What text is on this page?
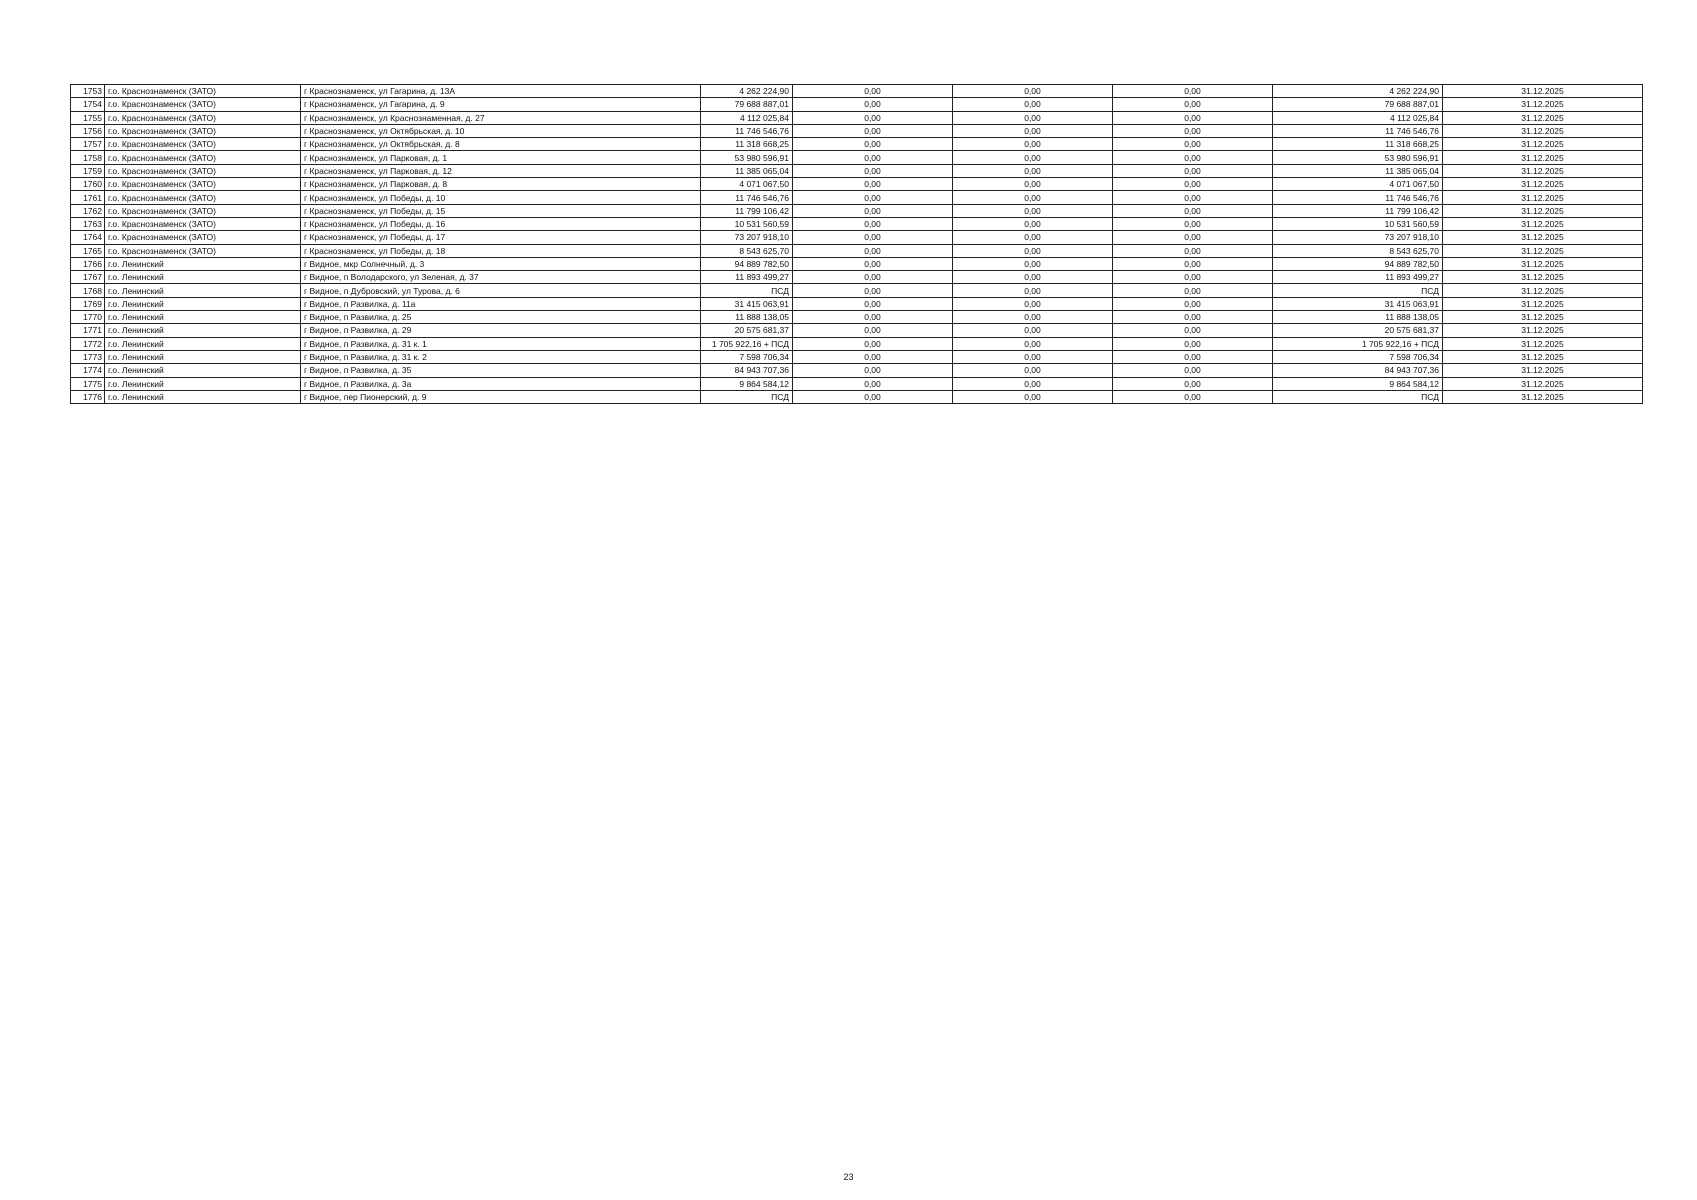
1753	г.о. Краснознаменск (ЗАТО)	г Краснознаменск, ул Гагарина, д. 13А	4 262 224,90	0,00	0,00	0,00	4 262 224,90	31.12.2025
1754	г.о. Краснознаменск (ЗАТО)	г Краснознаменск, ул Гагарина, д. 9	79 688 887,01	0,00	0,00	0,00	79 688 887,01	31.12.2025
1755	г.о. Краснознаменск (ЗАТО)	г Краснознаменск, ул Краснознаменная, д. 27	4 112 025,84	0,00	0,00	0,00	4 112 025,84	31.12.2025
1756	г.о. Краснознаменск (ЗАТО)	г Краснознаменск, ул Октябрьская, д. 10	11 746 546,76	0,00	0,00	0,00	11 746 546,76	31.12.2025
1757	г.о. Краснознаменск (ЗАТО)	г Краснознаменск, ул Октябрьская, д. 8	11 318 668,25	0,00	0,00	0,00	11 318 668,25	31.12.2025
1758	г.о. Краснознаменск (ЗАТО)	г Краснознаменск, ул Парковая, д. 1	53 980 596,91	0,00	0,00	0,00	53 980 596,91	31.12.2025
1759	г.о. Краснознаменск (ЗАТО)	г Краснознаменск, ул Парковая, д. 12	11 385 065,04	0,00	0,00	0,00	11 385 065,04	31.12.2025
1760	г.о. Краснознаменск (ЗАТО)	г Краснознаменск, ул Парковая, д. 8	4 071 067,50	0,00	0,00	0,00	4 071 067,50	31.12.2025
1761	г.о. Краснознаменск (ЗАТО)	г Краснознаменск, ул Победы, д. 10	11 746 546,76	0,00	0,00	0,00	11 746 546,76	31.12.2025
1762	г.о. Краснознаменск (ЗАТО)	г Краснознаменск, ул Победы, д. 15	11 799 106,42	0,00	0,00	0,00	11 799 106,42	31.12.2025
1763	г.о. Краснознаменск (ЗАТО)	г Краснознаменск, ул Победы, д. 16	10 531 560,59	0,00	0,00	0,00	10 531 560,59	31.12.2025
1764	г.о. Краснознаменск (ЗАТО)	г Краснознаменск, ул Победы, д. 17	73 207 918,10	0,00	0,00	0,00	73 207 918,10	31.12.2025
1765	г.о. Краснознаменск (ЗАТО)	г Краснознаменск, ул Победы, д. 18	8 543 625,70	0,00	0,00	0,00	8 543 625,70	31.12.2025
1766	г.о. Ленинский	г Видное, мкр Солнечный, д. 3	94 889 782,50	0,00	0,00	0,00	94 889 782,50	31.12.2025
1767	г.о. Ленинский	г Видное, п Володарского, ул Зеленая, д. 37	11 893 499,27	0,00	0,00	0,00	11 893 499,27	31.12.2025
1768	г.о. Ленинский	г Видное, п Дубровский, ул Турова, д. 6	ПСД	0,00	0,00	0,00	ПСД	31.12.2025
1769	г.о. Ленинский	г Видное, п Развилка, д. 11а	31 415 063,91	0,00	0,00	0,00	31 415 063,91	31.12.2025
1770	г.о. Ленинский	г Видное, п Развилка, д. 25	11 888 138,05	0,00	0,00	0,00	11 888 138,05	31.12.2025
1771	г.о. Ленинский	г Видное, п Развилка, д. 29	20 575 681,37	0,00	0,00	0,00	20 575 681,37	31.12.2025
1772	г.о. Ленинский	г Видное, п Развилка, д. 31 к. 1	1 705 922,16 + ПСД	0,00	0,00	0,00	1 705 922,16 + ПСД	31.12.2025
1773	г.о. Ленинский	г Видное, п Развилка, д. 31 к. 2	7 598 706,34	0,00	0,00	0,00	7 598 706,34	31.12.2025
1774	г.о. Ленинский	г Видное, п Развилка, д. 35	84 943 707,36	0,00	0,00	0,00	84 943 707,36	31.12.2025
1775	г.о. Ленинский	г Видное, п Развилка, д. 3а	9 864 584,12	0,00	0,00	0,00	9 864 584,12	31.12.2025
1776	г.о. Ленинский	г Видное, пер Пионерский, д. 9	ПСД	0,00	0,00	0,00	ПСД	31.12.2025
23
